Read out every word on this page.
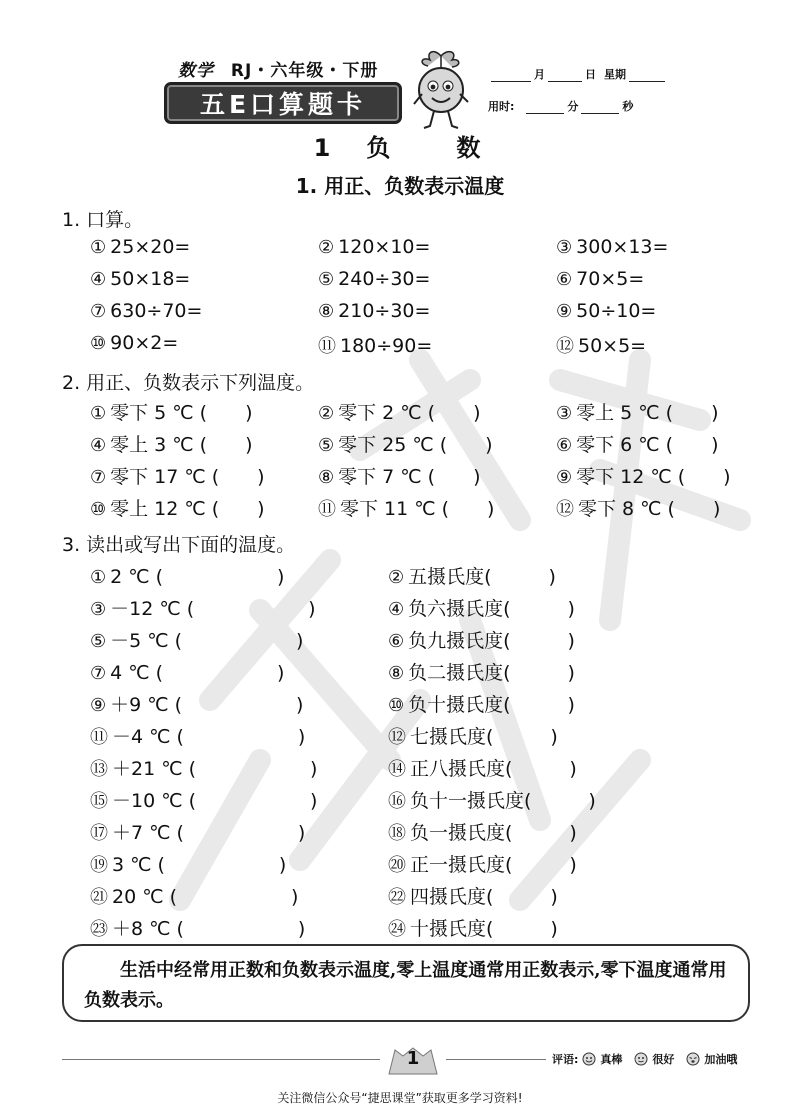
数学 RJ・六年级・下册
五E口算题卡
月	日 星期
用时:	分	秒
1　负　　数
1. 用正、负数表示温度
1. 口算。
① 25×20=	② 120×10=	③ 300×13=
④ 50×18=	⑤ 240÷30=	⑥ 70×5=
⑦ 630÷70=	⑧ 210÷30=	⑨ 50÷10=
⑩ 90×2=	⑪ 180÷90=	⑫ 50×5=
2. 用正、负数表示下列温度。
① 零下 5 ℃ (　　)	② 零下 2 ℃ (　　)	③ 零上 5 ℃ (　　)
④ 零上 3 ℃ (　　)	⑤ 零下 25 ℃ (　　)	⑥ 零下 6 ℃ (　　)
⑦ 零下 17 ℃ (　　)	⑧ 零下 7 ℃ (　　)	⑨ 零下 12 ℃ (　　)
⑩ 零上 12 ℃ (　　)	⑪ 零下 11 ℃ (　　)	⑫ 零下 8 ℃ (　　)
3. 读出或写出下面的温度。
① 2 ℃ (　　　　　　)	② 五摄氏度(　　　)
③ －12 ℃ (　　　　　　)	④ 负六摄氏度(　　　)
⑤ －5 ℃ (　　　　　　)	⑥ 负九摄氏度(　　　)
⑦ 4 ℃ (　　　　　　)	⑧ 负二摄氏度(　　　)
⑨ ＋9 ℃ (　　　　　　)	⑩ 负十摄氏度(　　　)
⑪ －4 ℃ (　　　　　　)	⑫ 七摄氏度(　　　)
⑬ ＋21 ℃ (　　　　　　)	⑭ 正八摄氏度(　　　)
⑮ －10 ℃ (　　　　　　)	⑯ 负十一摄氏度(　　　)
⑰ ＋7 ℃ (　　　　　　)	⑱ 负一摄氏度(　　　)
⑲ 3 ℃ (　　　　　　)	⑳ 正一摄氏度(　　　)
㉑ 20 ℃ (　　　　　　)	㉒ 四摄氏度(　　　)
㉓ ＋8 ℃ (　　　　　　)	㉔ 十摄氏度(　　　)

生活中经常用正数和负数表示温度,零上温度通常用正数表示,零下温度通常用负数表示。

1	评语: 真棒	很好	加油哦
关注微信公众号“捷思课堂”获取更多学习资料!
